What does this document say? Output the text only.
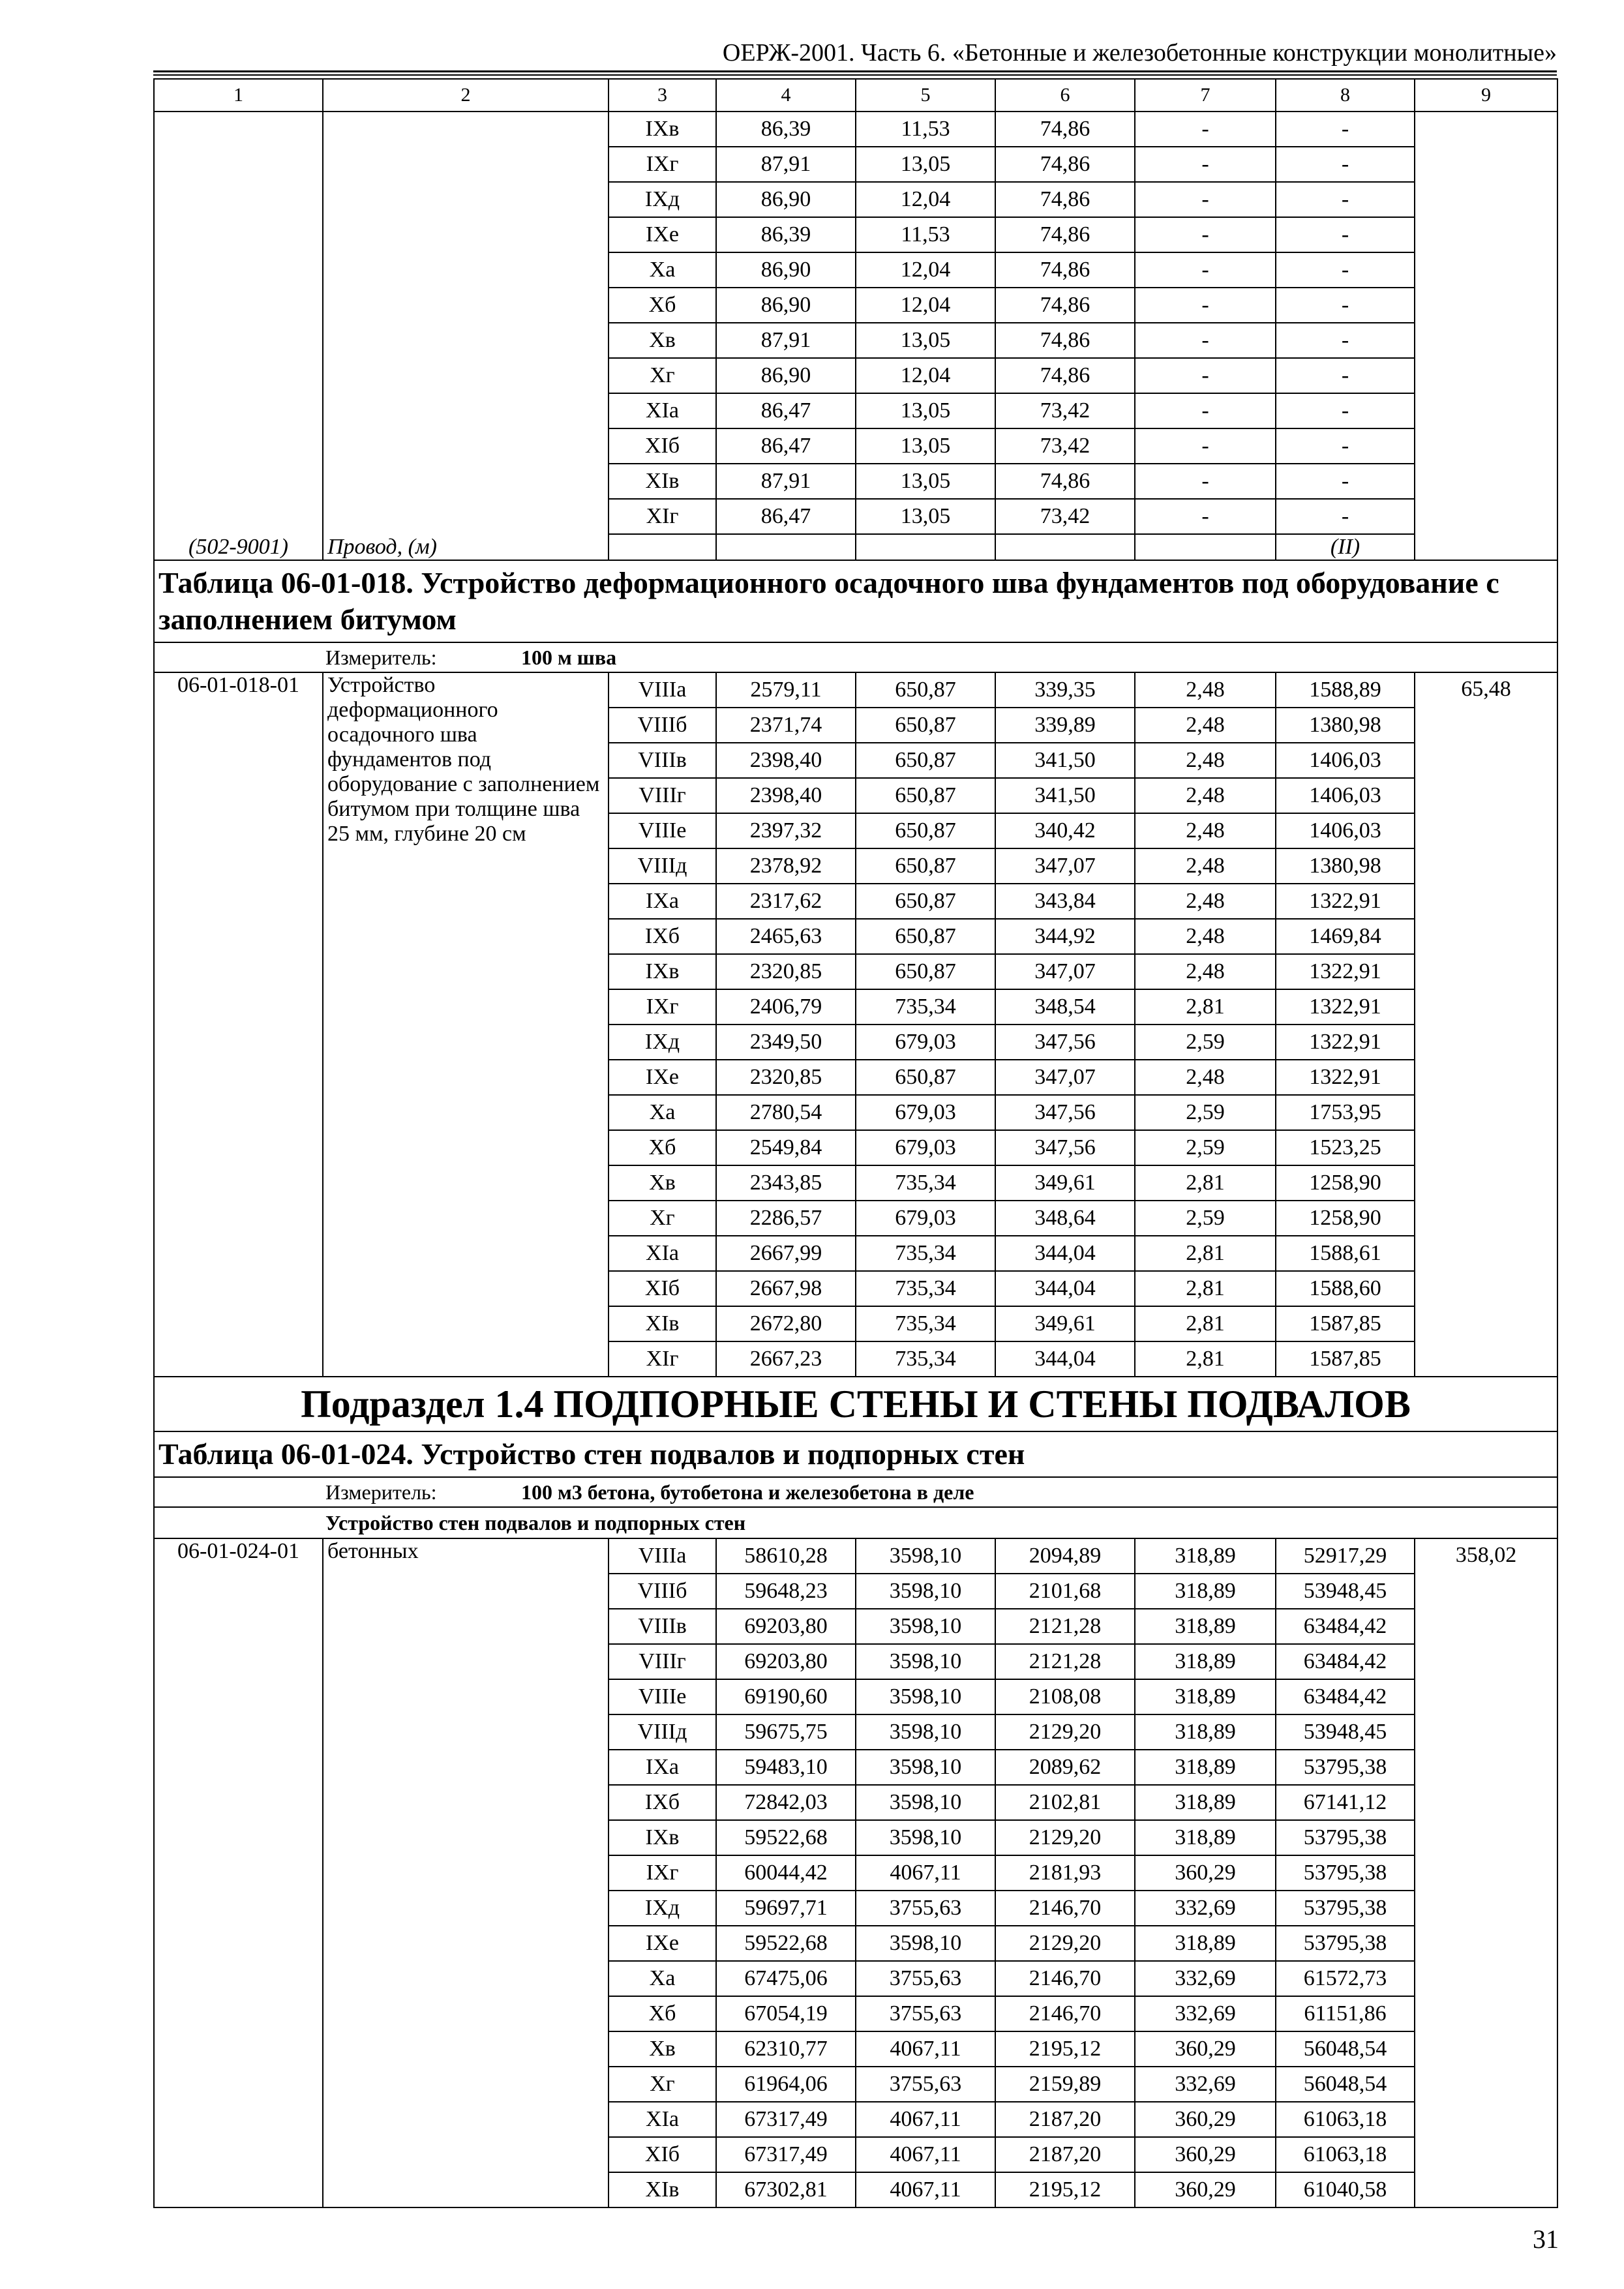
ОЕРЖ-2001. Часть 6. «Бетонные и железобетонные конструкции монолитные»
1	2	3	4	5	6	7	8	9
(502-9001)	Провод, (м)	IXв	86,39	11,53	74,86	-	-	
		IXг	87,91	13,05	74,86	-	-	
		IXд	86,90	12,04	74,86	-	-	
		IXе	86,39	11,53	74,86	-	-	
		Xа	86,90	12,04	74,86	-	-	
		Xб	86,90	12,04	74,86	-	-	
		Xв	87,91	13,05	74,86	-	-	
		Xг	86,90	12,04	74,86	-	-	
		XIа	86,47	13,05	73,42	-	-	
		XIб	86,47	13,05	73,42	-	-	
		XIв	87,91	13,05	74,86	-	-	
		XIг	86,47	13,05	73,42	-	-	
							(II)	
Таблица 06-01-018. Устройство деформационного осадочного шва фундаментов под оборудование с заполнением битумом								
Измеритель: 100 м шва								
06-01-018-01	Устройство деформационного осадочного шва фундаментов под оборудование с заполнением битумом при толщине шва 25 мм, глубине 20 см	VIIIа	2579,11	650,87	339,35	2,48	1588,89	65,48
		VIIIб	2371,74	650,87	339,89	2,48	1380,98	
		VIIIв	2398,40	650,87	341,50	2,48	1406,03	
		VIIIг	2398,40	650,87	341,50	2,48	1406,03	
		VIIIе	2397,32	650,87	340,42	2,48	1406,03	
		VIIIд	2378,92	650,87	347,07	2,48	1380,98	
		IXа	2317,62	650,87	343,84	2,48	1322,91	
		IXб	2465,63	650,87	344,92	2,48	1469,84	
		IXв	2320,85	650,87	347,07	2,48	1322,91	
		IXг	2406,79	735,34	348,54	2,81	1322,91	
		IXд	2349,50	679,03	347,56	2,59	1322,91	
		IXе	2320,85	650,87	347,07	2,48	1322,91	
		Xа	2780,54	679,03	347,56	2,59	1753,95	
		Xб	2549,84	679,03	347,56	2,59	1523,25	
		Xв	2343,85	735,34	349,61	2,81	1258,90	
		Xг	2286,57	679,03	348,64	2,59	1258,90	
		XIа	2667,99	735,34	344,04	2,81	1588,61	
		XIб	2667,98	735,34	344,04	2,81	1588,60	
		XIв	2672,80	735,34	349,61	2,81	1587,85	
		XIг	2667,23	735,34	344,04	2,81	1587,85	
Подраздел 1.4 ПОДПОРНЫЕ СТЕНЫ И СТЕНЫ ПОДВАЛОВ								
Таблица 06-01-024. Устройство стен подвалов и подпорных стен								
Измеритель: 100 м3 бетона, бутобетона и железобетона в деле								
Устройство стен подвалов и подпорных стен								
06-01-024-01	бетонных	VIIIа	58610,28	3598,10	2094,89	318,89	52917,29	358,02
		VIIIб	59648,23	3598,10	2101,68	318,89	53948,45	
		VIIIв	69203,80	3598,10	2121,28	318,89	63484,42	
		VIIIг	69203,80	3598,10	2121,28	318,89	63484,42	
		VIIIе	69190,60	3598,10	2108,08	318,89	63484,42	
		VIIIд	59675,75	3598,10	2129,20	318,89	53948,45	
		IXа	59483,10	3598,10	2089,62	318,89	53795,38	
		IXб	72842,03	3598,10	2102,81	318,89	67141,12	
		IXв	59522,68	3598,10	2129,20	318,89	53795,38	
		IXг	60044,42	4067,11	2181,93	360,29	53795,38	
		IXд	59697,71	3755,63	2146,70	332,69	53795,38	
		IXе	59522,68	3598,10	2129,20	318,89	53795,38	
		Xа	67475,06	3755,63	2146,70	332,69	61572,73	
		Xб	67054,19	3755,63	2146,70	332,69	61151,86	
		Xв	62310,77	4067,11	2195,12	360,29	56048,54	
		Xг	61964,06	3755,63	2159,89	332,69	56048,54	
		XIа	67317,49	4067,11	2187,20	360,29	61063,18	
		XIб	67317,49	4067,11	2187,20	360,29	61063,18	
		XIв	67302,81	4067,11	2195,12	360,29	61040,58	
31
